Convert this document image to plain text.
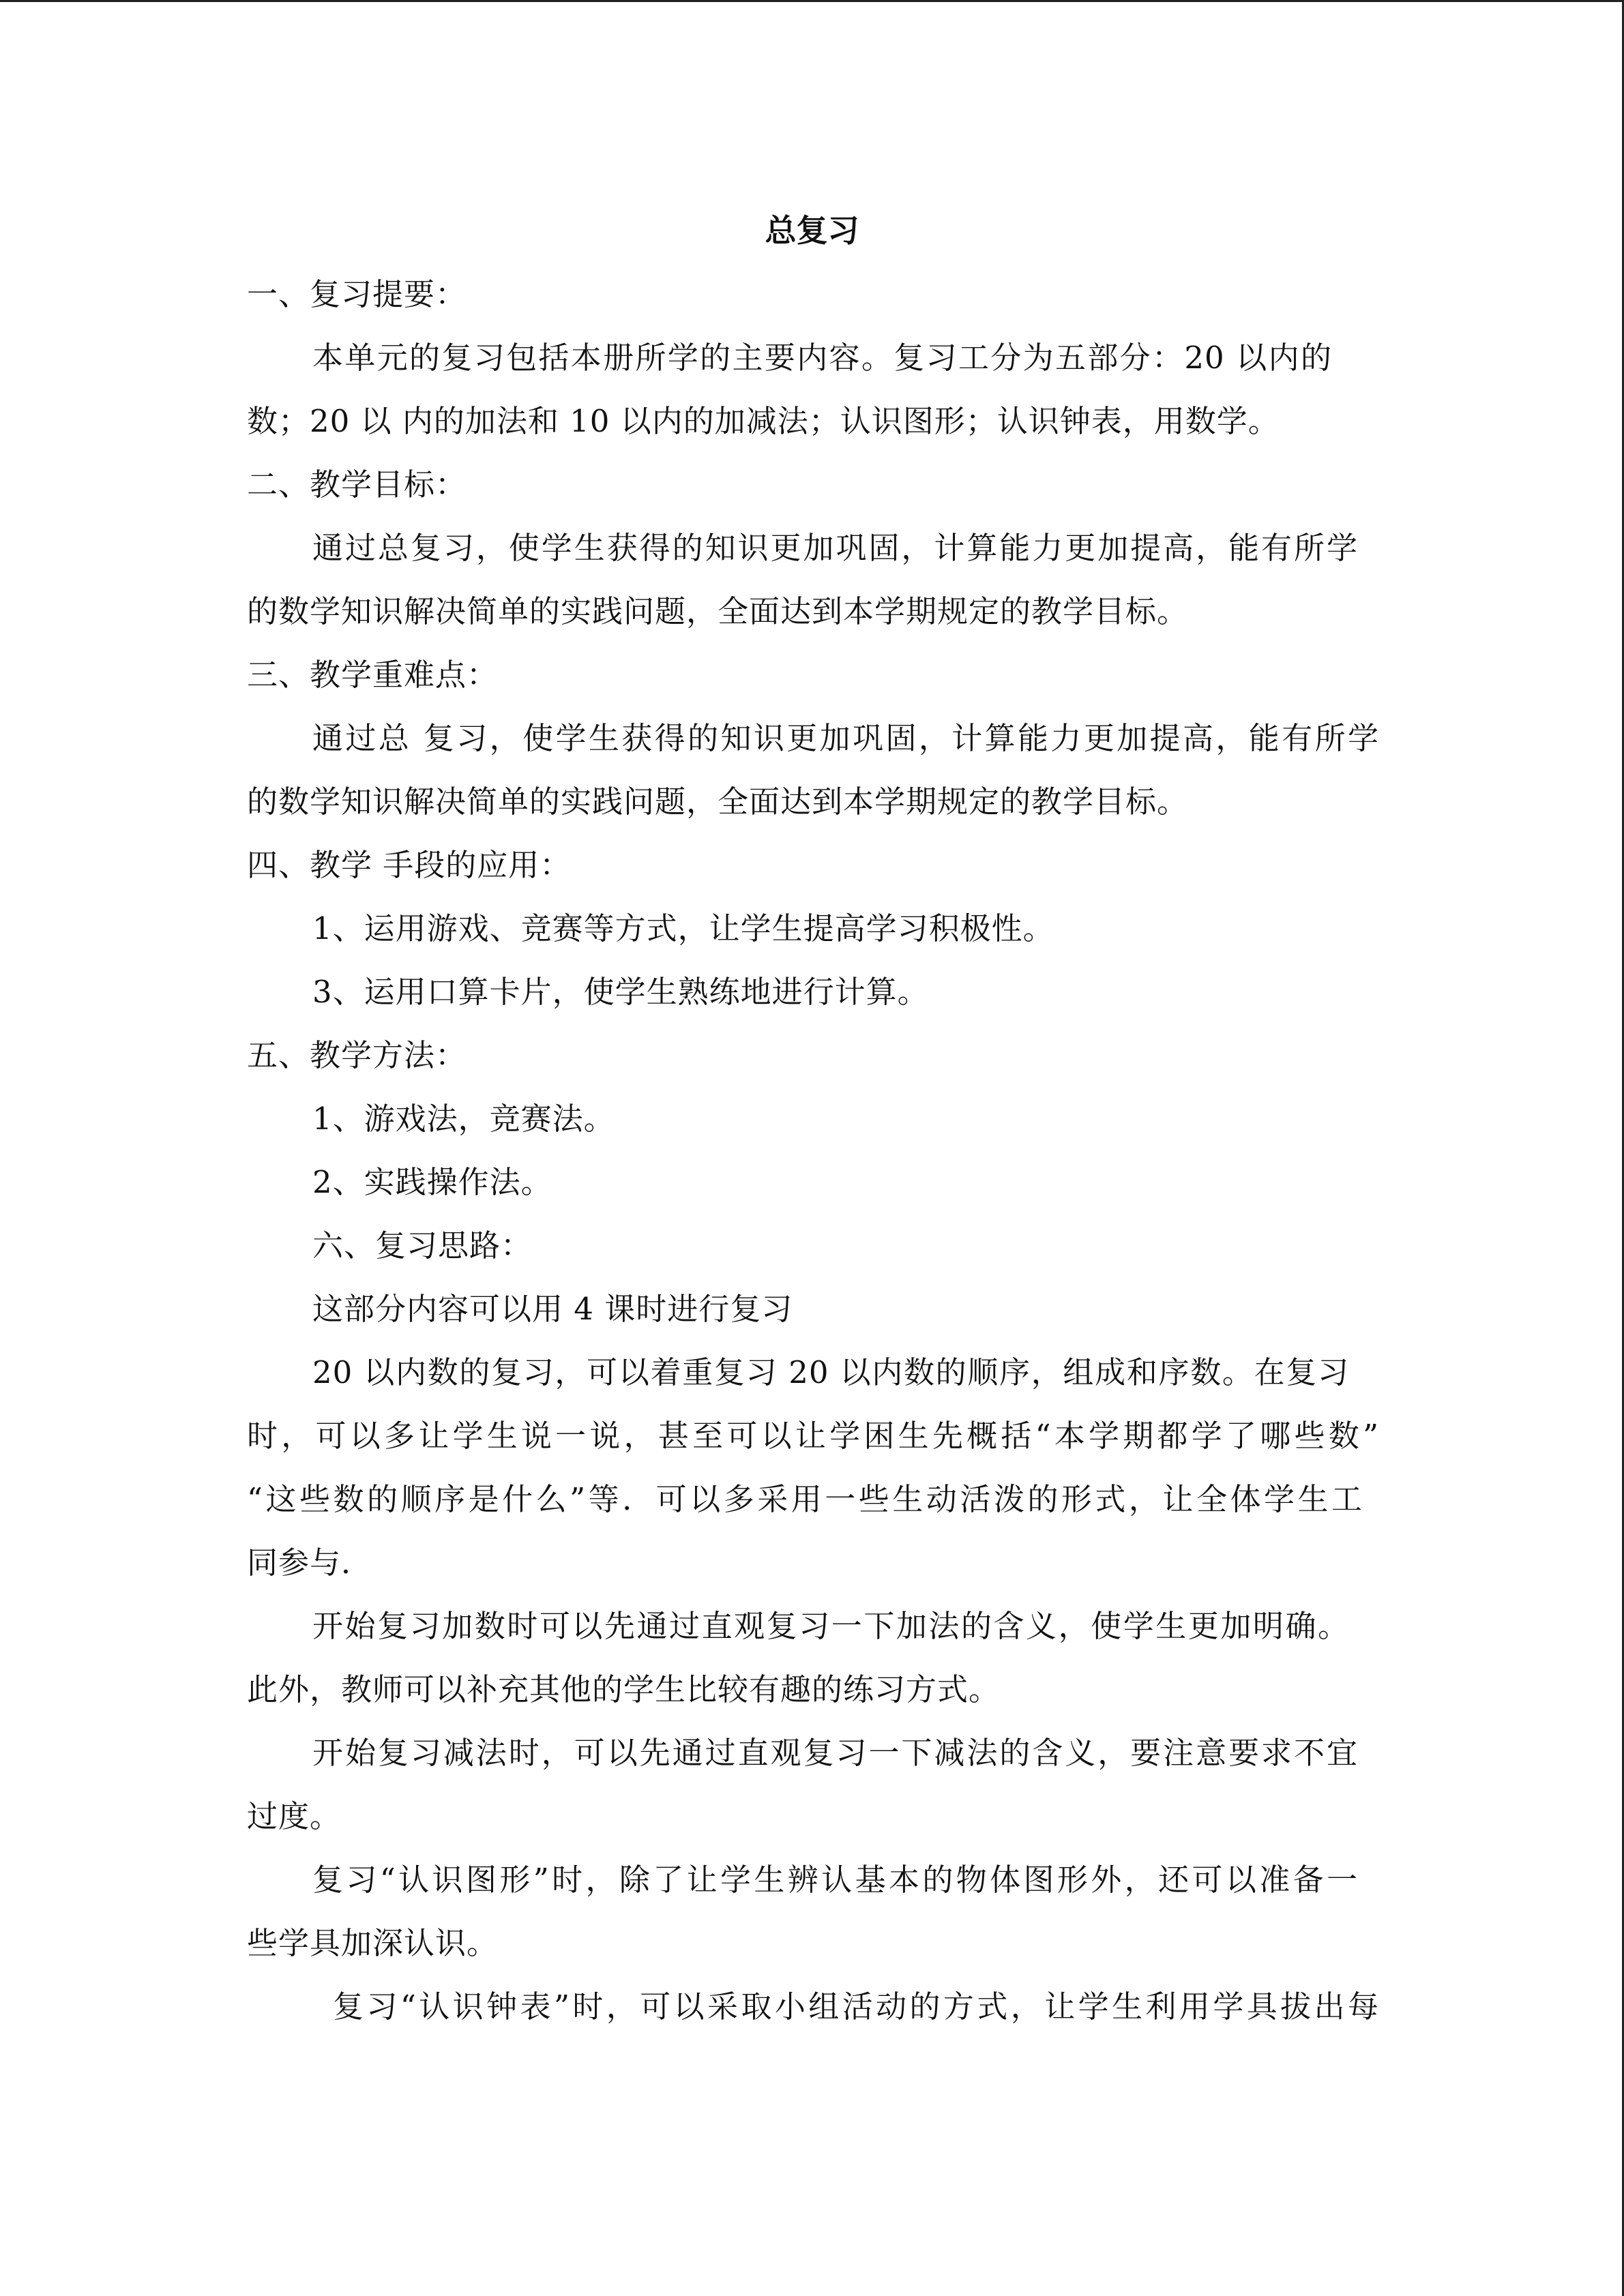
总复习
一、复习提要：
本单元的复习包括本册所学的主要内容。复习工分为五部分：20 以内的
数；20 以 内的加法和 10 以内的加减法；认识图形；认识钟表，用数学。
二、教学目标：
通过总复习，使学生获得的知识更加巩固，计算能力更加提高，能有所学
的数学知识解决简单的实践问题，全面达到本学期规定的教学目标。
三、教学重难点：
通过总 复习，使学生获得的知识更加巩固，计算能力更加提高，能有所学
的数学知识解决简单的实践问题，全面达到本学期规定的教学目标。
四、教学 手段的应用：
1、运用游戏、竞赛等方式，让学生提高学习积极性。
3、运用口算卡片，使学生熟练地进行计算。
五、教学方法：
1、游戏法，竞赛法。
2、实践操作法。
六、复习思路：
这部分内容可以用 4 课时进行复习
20 以内数的复习，可以着重复习 20 以内数的顺序，组成和序数。在复习
时，可以多让学生说一说，甚至可以让学困生先概括“本学期都学了哪些数”
“这些数的顺序是什么”等．可以多采用一些生动活泼的形式，让全体学生工
同参与．
开始复习加数时可以先通过直观复习一下加法的含义，使学生更加明确。
此外，教师可以补充其他的学生比较有趣的练习方式。
开始复习减法时，可以先通过直观复习一下减法的含义，要注意要求不宜
过度。
复习“认识图形”时，除了让学生辨认基本的物体图形外，还可以准备一
些学具加深认识。
复习“认识钟表”时，可以采取小组活动的方式，让学生利用学具拔出每
